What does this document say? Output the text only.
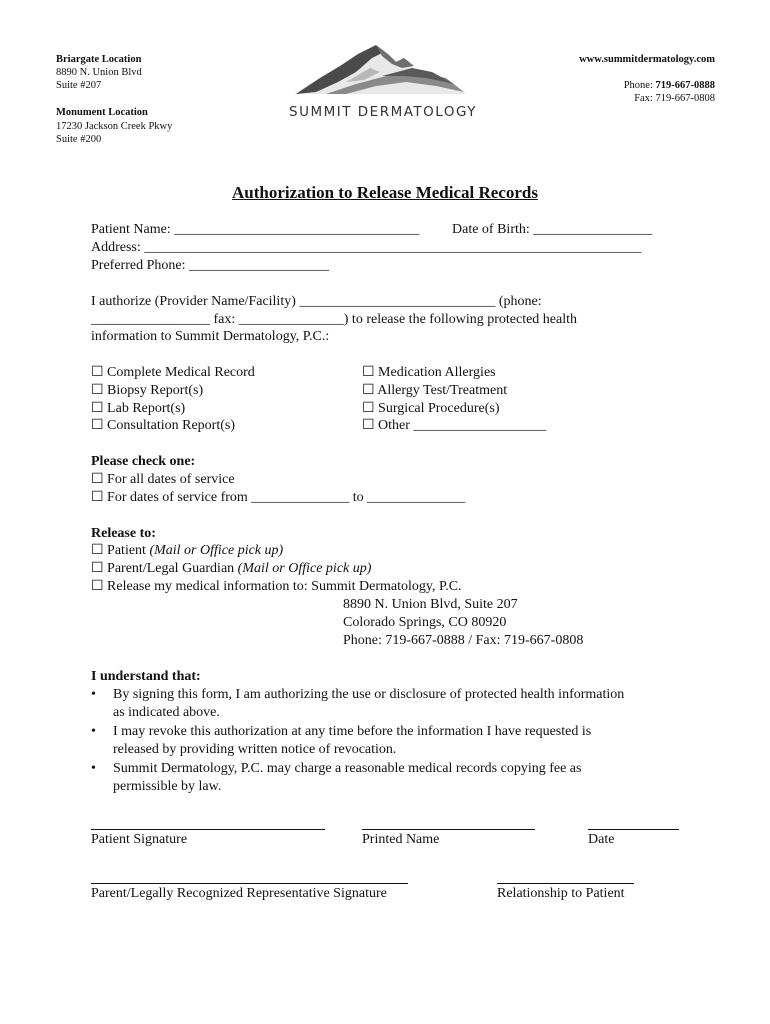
Briargate Location
8890 N. Union Blvd
Suite #207
Monument Location
17230 Jackson Creek Pkwy
Suite #200
SUMMIT DERMATOLOGY
www.summitdermatology.com
Phone: 719-667-0888
Fax: 719-667-0808
Authorization to Release Medical Records
Patient Name: ___________________________________ Date of Birth: _________________
Address: _______________________________________________________________________
Preferred Phone: ____________________
I authorize (Provider Name/Facility) ____________________________ (phone:
_________________ fax: _______________) to release the following protected health
information to Summit Dermatology, P.C.:
☐ Complete Medical Record
☐ Biopsy Report(s)
☐ Lab Report(s)
☐ Consultation Report(s)
☐ Medication Allergies
☐ Allergy Test/Treatment
☐ Surgical Procedure(s)
☐ Other ___________________
Please check one:
☐ For all dates of service
☐ For dates of service from ______________ to ______________
Release to:
☐ Patient (Mail or Office pick up)
☐ Parent/Legal Guardian (Mail or Office pick up)
☐ Release my medical information to: Summit Dermatology, P.C.
8890 N. Union Blvd, Suite 207
Colorado Springs, CO 80920
Phone: 719-667-0888 / Fax: 719-667-0808
I understand that:
• By signing this form, I am authorizing the use or disclosure of protected health information
as indicated above.
• I may revoke this authorization at any time before the information I have requested is
released by providing written notice of revocation.
• Summit Dermatology, P.C. may charge a reasonable medical records copying fee as
permissible by law.
Patient Signature	Printed Name	Date
Parent/Legally Recognized Representative Signature	Relationship to Patient
